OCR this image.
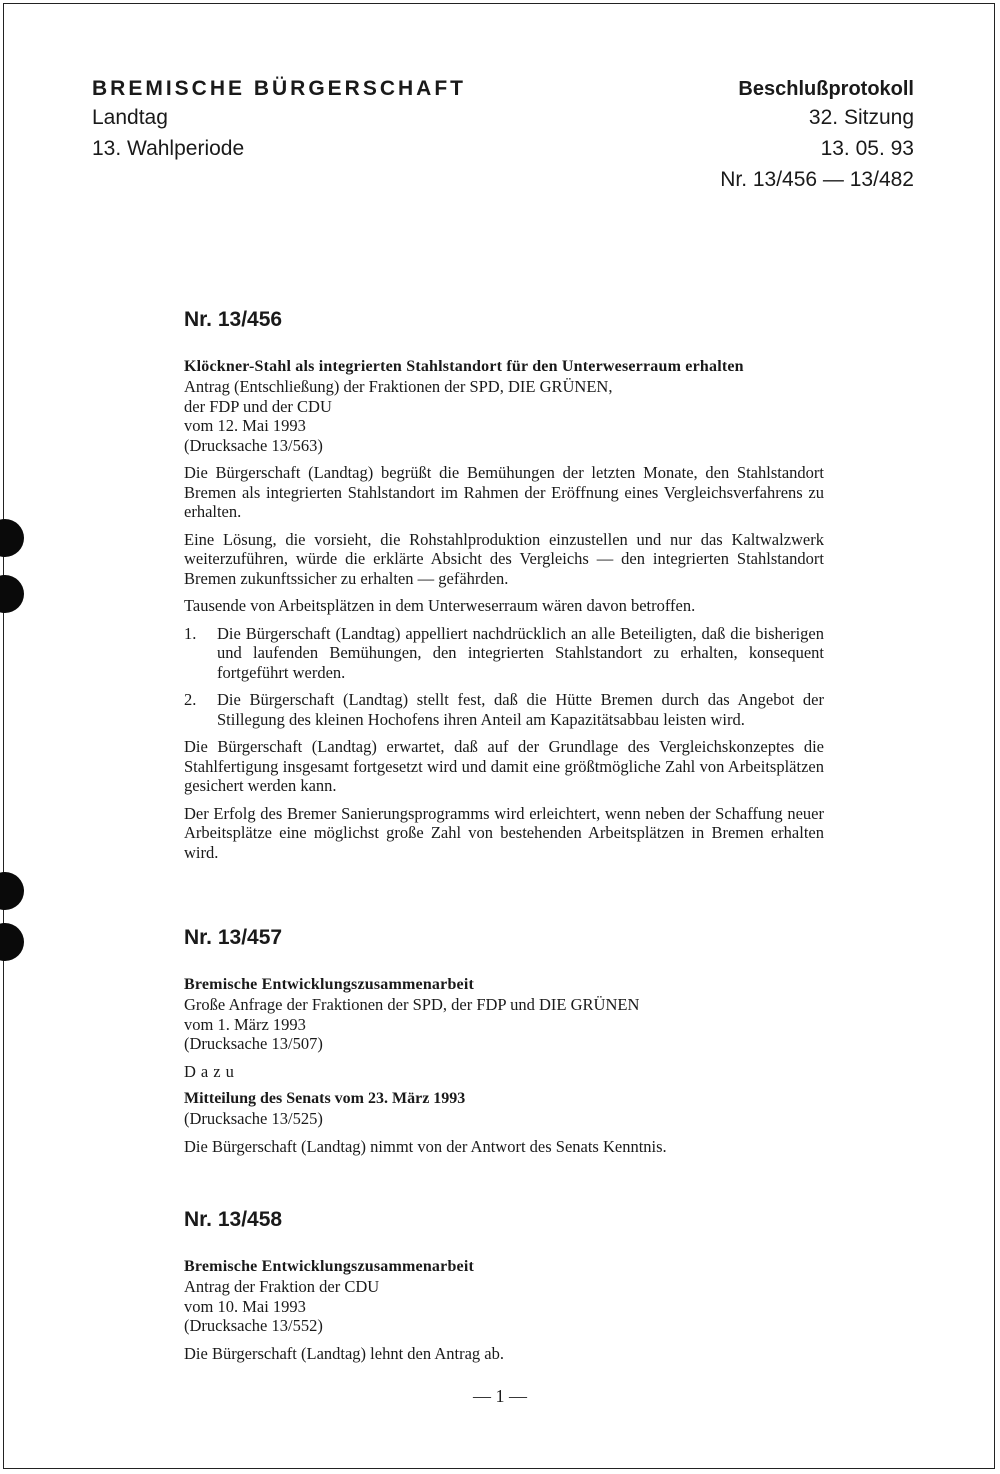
BREMISCHE BÜRGERSCHAFT
Landtag
13. Wahlperiode
Beschlußprotokoll
32. Sitzung
13. 05. 93
Nr. 13/456 — 13/482
Nr. 13/456

Klöckner-Stahl als integrierten Stahlstandort für den Unterweserraum erhalten

Antrag (Entschließung) der Fraktionen der SPD, DIE GRÜNEN,

der FDP und der CDU

vom 12. Mai 1993

(Drucksache 13/563)

Die Bürgerschaft (Landtag) begrüßt die Bemühungen der letzten Monate, den Stahlstandort Bremen als integrierten Stahlstandort im Rahmen der Eröffnung eines Vergleichsverfahrens zu erhalten.

Eine Lösung, die vorsieht, die Rohstahlproduktion einzustellen und nur das Kaltwalzwerk weiterzuführen, würde die erklärte Absicht des Vergleichs — den integrierten Stahlstandort Bremen zukunftssicher zu erhalten — gefährden.

Tausende von Arbeitsplätzen in dem Unterweserraum wären davon betroffen.

1.	Die Bürgerschaft (Landtag) appelliert nachdrücklich an alle Beteiligten, daß die bisherigen und laufenden Bemühungen, den integrierten Stahlstandort zu erhalten, konsequent fortgeführt werden.
2.	Die Bürgerschaft (Landtag) stellt fest, daß die Hütte Bremen durch das Angebot der Stillegung des kleinen Hochofens ihren Anteil am Kapazitätsabbau leisten wird.

Die Bürgerschaft (Landtag) erwartet, daß auf der Grundlage des Vergleichskonzeptes die Stahlfertigung insgesamt fortgesetzt wird und damit eine größtmögliche Zahl von Arbeitsplätzen gesichert werden kann.

Der Erfolg des Bremer Sanierungsprogramms wird erleichtert, wenn neben der Schaffung neuer Arbeitsplätze eine möglichst große Zahl von bestehenden Arbeitsplätzen in Bremen erhalten wird.

Nr. 13/457

Bremische Entwicklungszusammenarbeit

Große Anfrage der Fraktionen der SPD, der FDP und DIE GRÜNEN

vom 1. März 1993

(Drucksache 13/507)

Dazu

Mitteilung des Senats vom 23. März 1993

(Drucksache 13/525)

Die Bürgerschaft (Landtag) nimmt von der Antwort des Senats Kenntnis.

Nr. 13/458

Bremische Entwicklungszusammenarbeit

Antrag der Fraktion der CDU

vom 10. Mai 1993

(Drucksache 13/552)

Die Bürgerschaft (Landtag) lehnt den Antrag ab.

— 1 —
